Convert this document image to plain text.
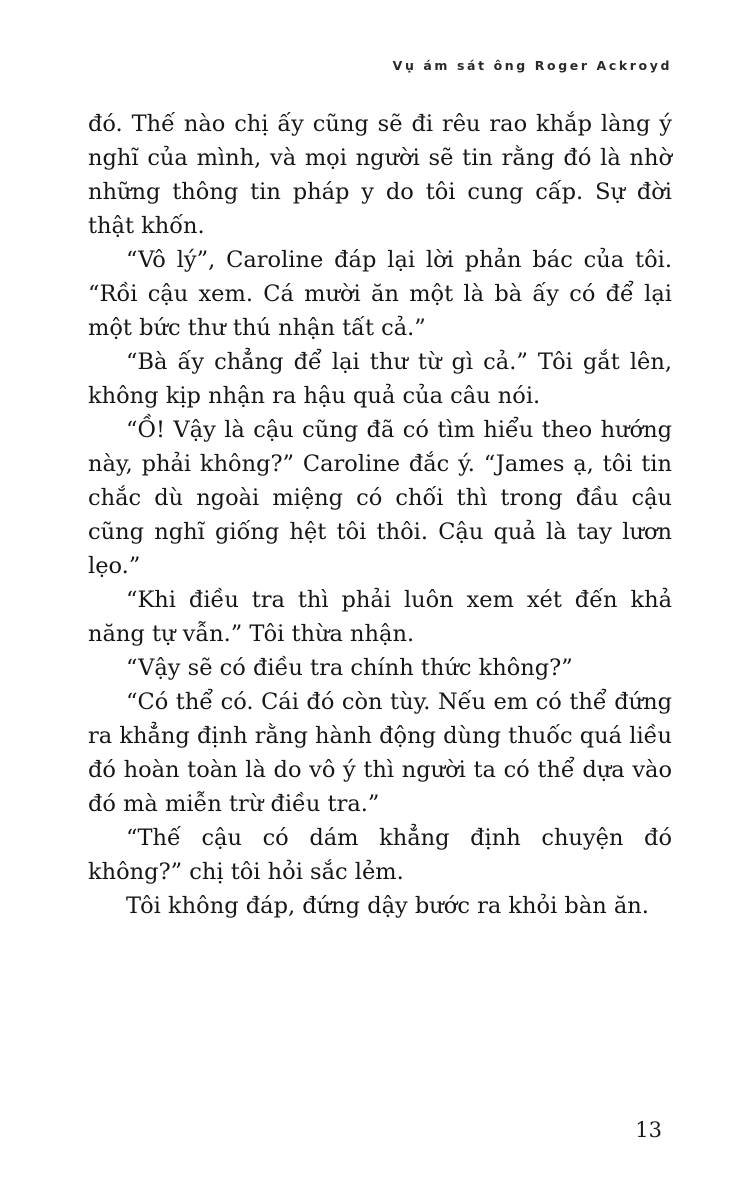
Vụ ám sát ông Roger Ackroyd

đó. Thế nào chị ấy cũng sẽ đi rêu rao khắp làng ý nghĩ của mình, và mọi người sẽ tin rằng đó là nhờ những thông tin pháp y do tôi cung cấp. Sự đời thật khốn.

“Vô lý”, Caroline đáp lại lời phản bác của tôi. “Rồi cậu xem. Cá mười ăn một là bà ấy có để lại một bức thư thú nhận tất cả.”

“Bà ấy chẳng để lại thư từ gì cả.” Tôi gắt lên, không kịp nhận ra hậu quả của câu nói.

“Ồ! Vậy là cậu cũng đã có tìm hiểu theo hướng này, phải không?” Caroline đắc ý. “James ạ, tôi tin chắc dù ngoài miệng có chối thì trong đầu cậu cũng nghĩ giống hệt tôi thôi. Cậu quả là tay lươn lẹo.”

“Khi điều tra thì phải luôn xem xét đến khả năng tự vẫn.” Tôi thừa nhận.

“Vậy sẽ có điều tra chính thức không?”

“Có thể có. Cái đó còn tùy. Nếu em có thể đứng ra khẳng định rằng hành động dùng thuốc quá liều đó hoàn toàn là do vô ý thì người ta có thể dựa vào đó mà miễn trừ điều tra.”

“Thế cậu có dám khẳng định chuyện đó không?” chị tôi hỏi sắc lẻm.

Tôi không đáp, đứng dậy bước ra khỏi bàn ăn.

13
